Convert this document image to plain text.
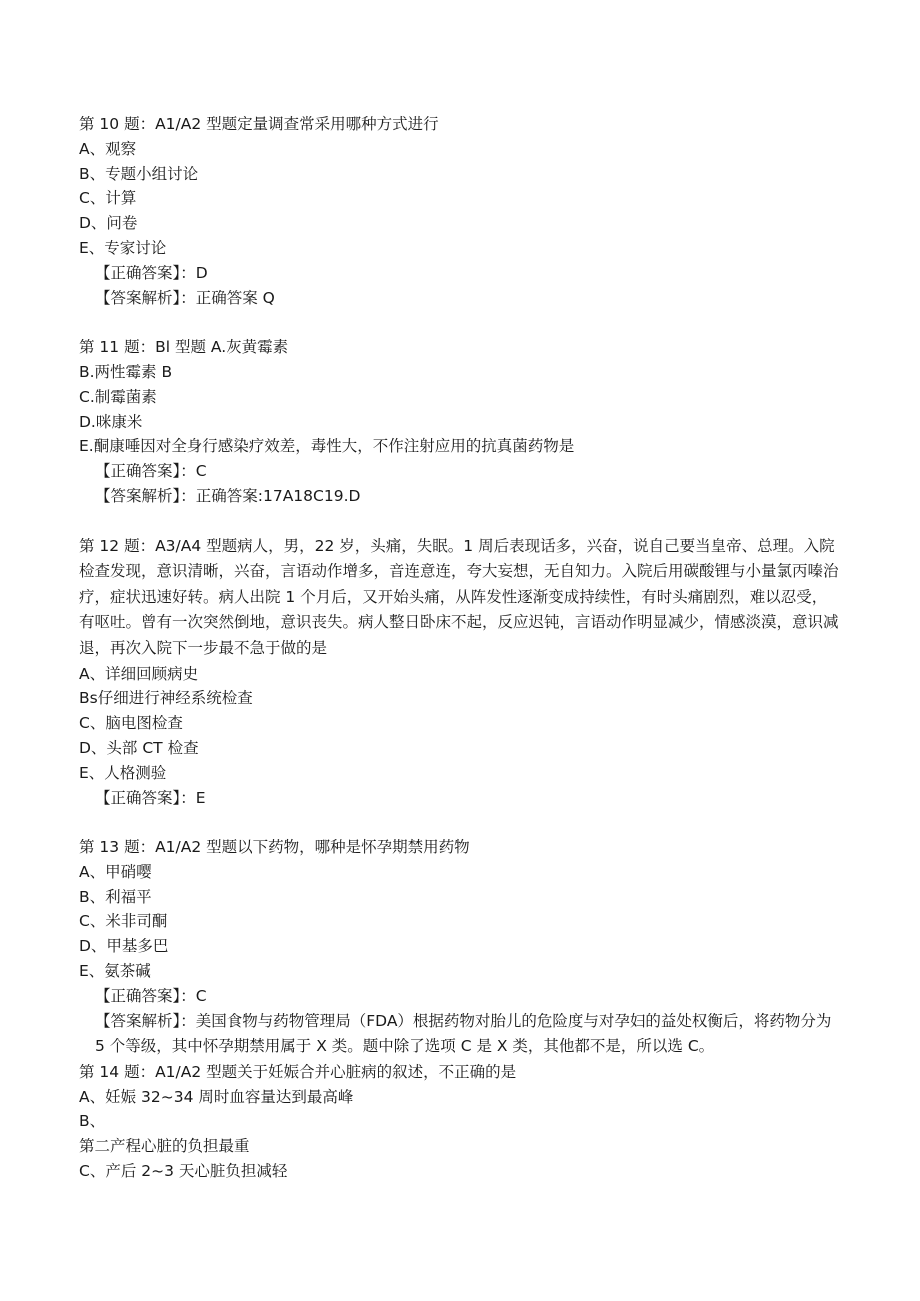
第 10 题：A1/A2 型题定量调查常采用哪种方式进行
A、观察
B、专题小组讨论
C、计算
D、问卷
E、专家讨论
【正确答案】：D
【答案解析】：正确答案 Q
第 11 题：Bl 型题 A.灰黄霉素
B.两性霉素 B
C.制霉菌素
D.咪康米
E.酮康唾因对全身行感染疗效差，毒性大，不作注射应用的抗真菌药物是
【正确答案】：C
【答案解析】：正确答案:17A18C19.D
第 12 题：A3/A4 型题病人，男，22 岁，头痛，失眠。1 周后表现话多，兴奋，说自己要当皇帝、总理。入院检查发现，意识清晰，兴奋，言语动作增多，音连意连，夸大妄想，无自知力。入院后用碳酸锂与小量氯丙嗪治疗，症状迅速好转。病人出院 1 个月后，又开始头痛，从阵发性逐渐变成持续性，有时头痛剧烈，难以忍受，有呕吐。曾有一次突然倒地，意识丧失。病人整日卧床不起，反应迟钝，言语动作明显减少，情感淡漠，意识减退，再次入院下一步最不急于做的是
A、详细回顾病史
Bs仔细进行神经系统检查
C、脑电图检查
D、头部 CT 检查
E、人格测验
【正确答案】：E
第 13 题：A1/A2 型题以下药物，哪种是怀孕期禁用药物
A、甲硝嘤
B、利福平
C、米非司酮
D、甲基多巴
E、氨茶碱
【正确答案】：C
【答案解析】：美国食物与药物管理局（FDA）根据药物对胎儿的危险度与对孕妇的益处权衡后，将药物分为 5 个等级，其中怀孕期禁用属于 X 类。题中除了选项 C 是 X 类，其他都不是，所以选 C。
第 14 题：A1/A2 型题关于妊娠合并心脏病的叙述，不正确的是
A、妊娠 32~34 周时血容量达到最高峰
B、
第二产程心脏的负担最重
C、产后 2~3 天心脏负担减轻
